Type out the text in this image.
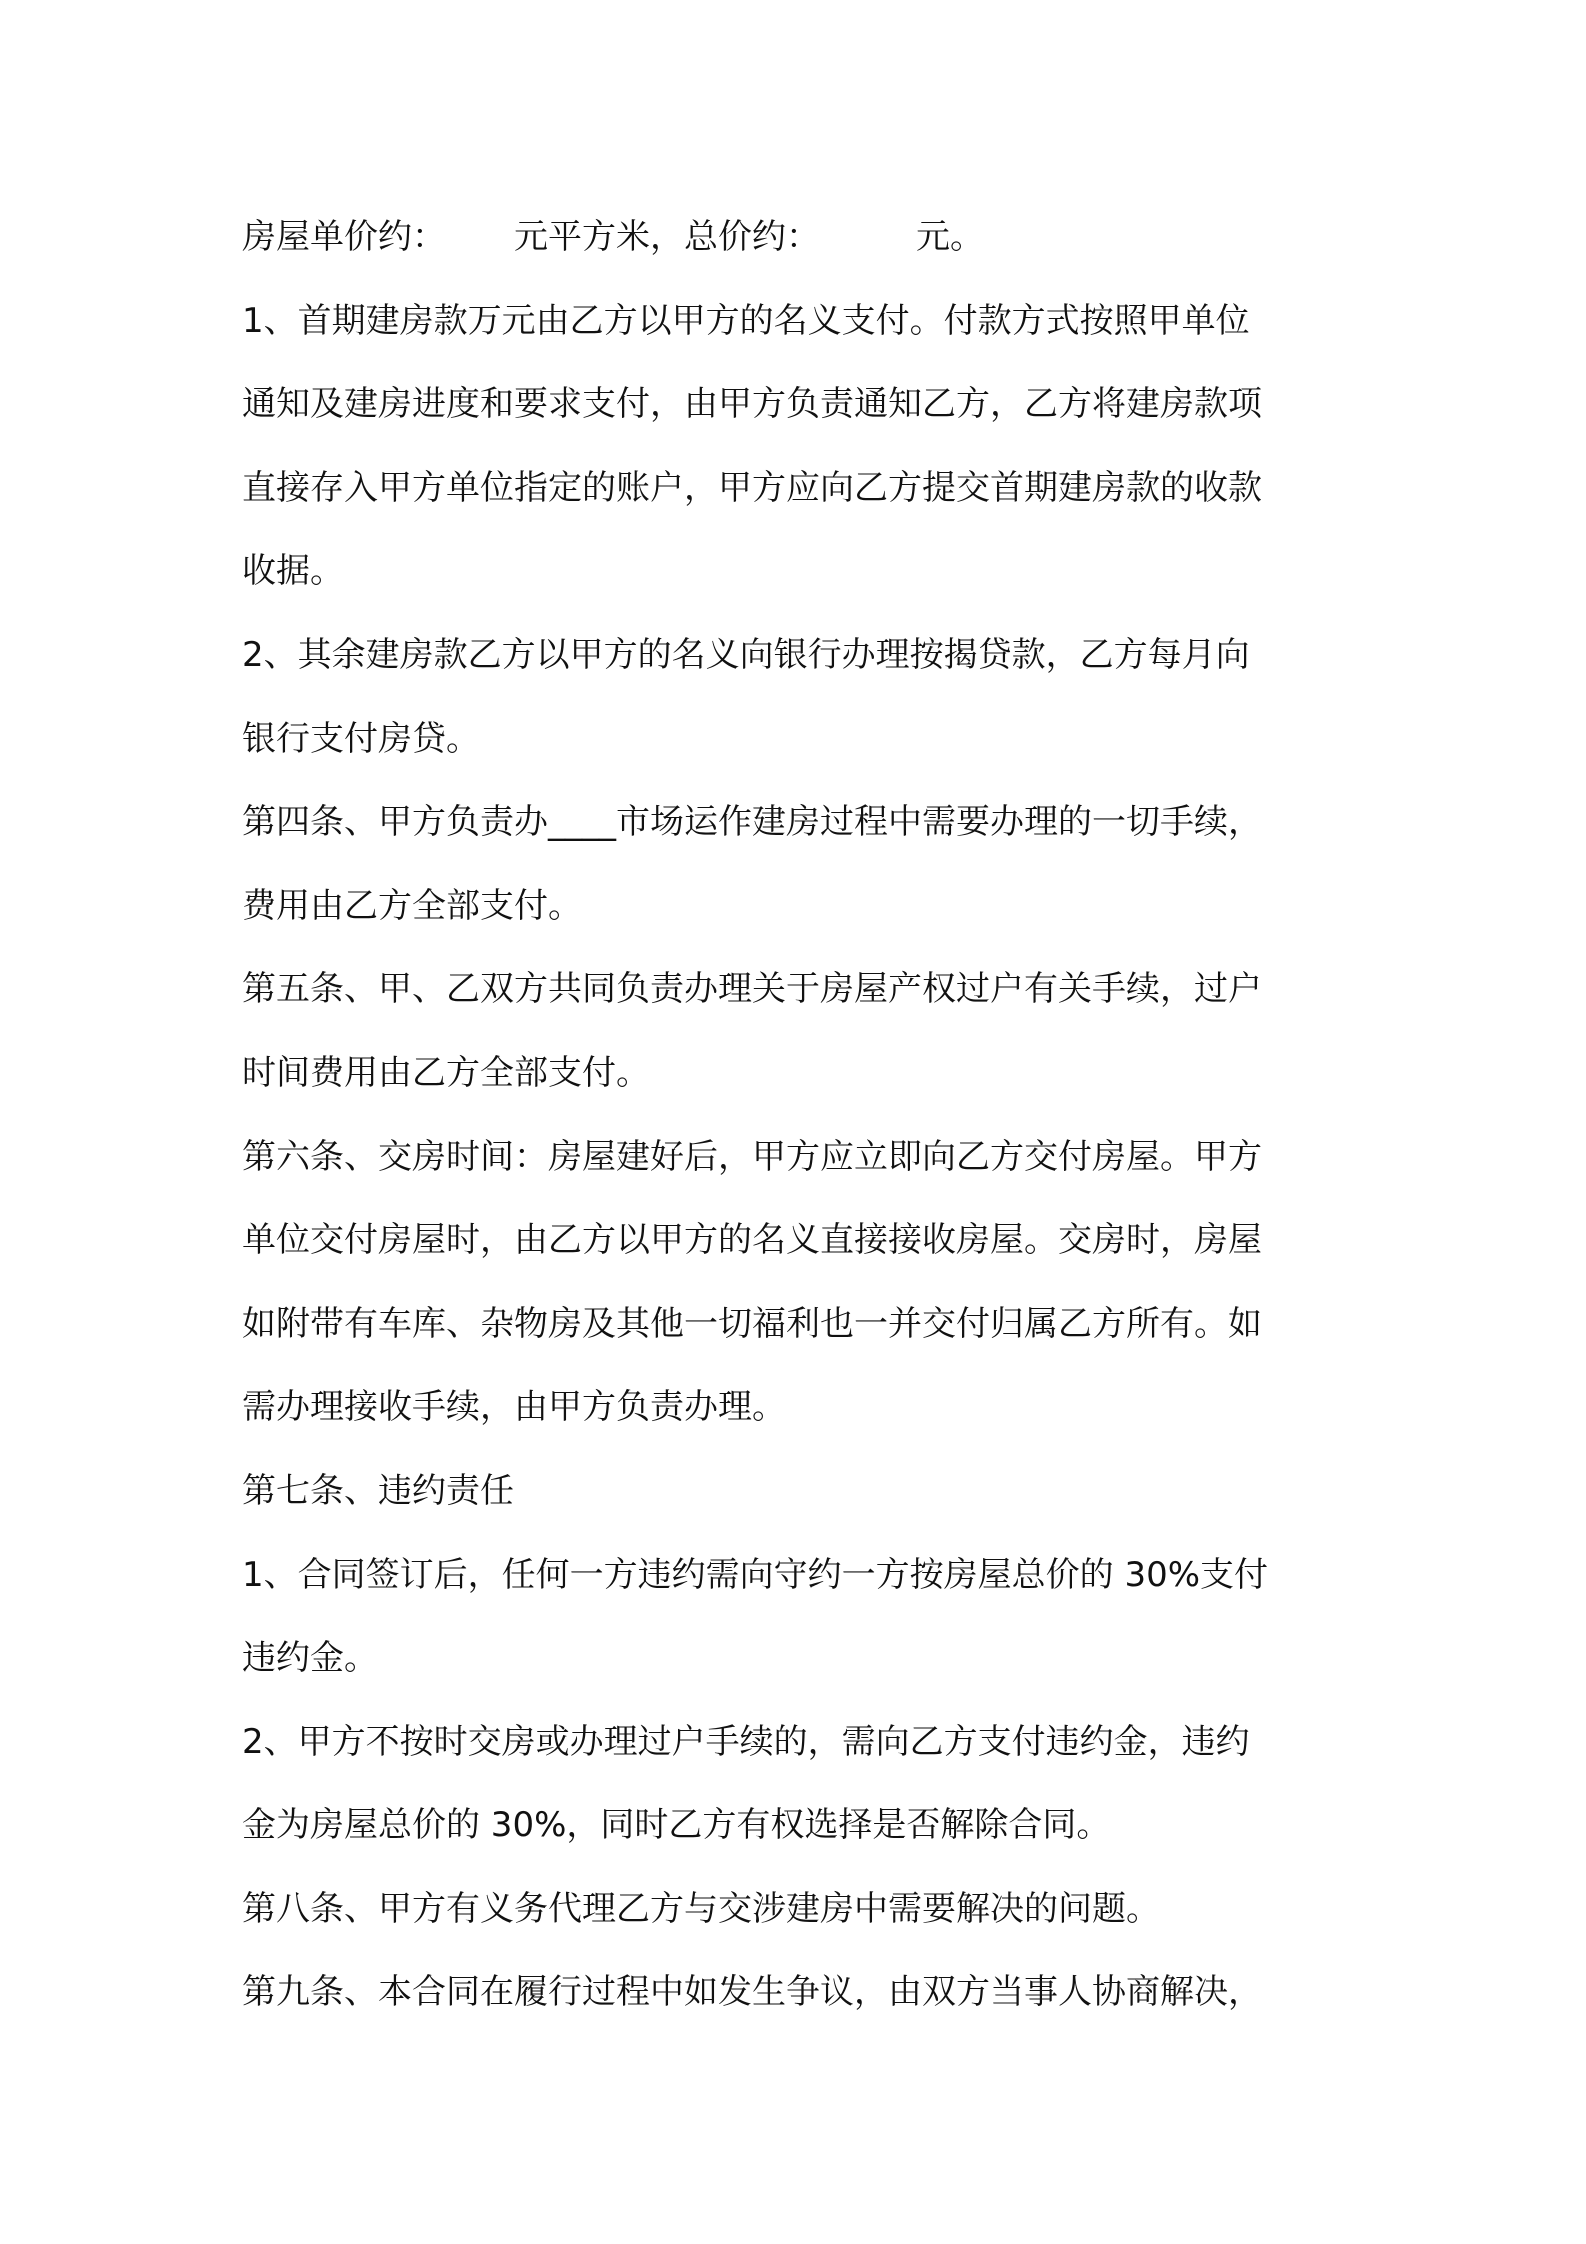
房屋单价约： 元平方米，总价约：	元。
1、首期建房款万元由乙方以甲方的名义支付。付款方式按照甲单位
通知及建房进度和要求支付，由甲方负责通知乙方，乙方将建房款项
直接存入甲方单位指定的账户，甲方应向乙方提交首期建房款的收款
收据。
2、其余建房款乙方以甲方的名义向银行办理按揭贷款，乙方每月向
银行支付房贷。
第四条、甲方负责办____市场运作建房过程中需要办理的一切手续，
费用由乙方全部支付。
第五条、甲、乙双方共同负责办理关于房屋产权过户有关手续，过户
时间费用由乙方全部支付。
第六条、交房时间：房屋建好后，甲方应立即向乙方交付房屋。甲方
单位交付房屋时，由乙方以甲方的名义直接接收房屋。交房时，房屋
如附带有车库、杂物房及其他一切福利也一并交付归属乙方所有。如
需办理接收手续，由甲方负责办理。
第七条、违约责任
1、合同签订后，任何一方违约需向守约一方按房屋总价的 30%支付
违约金。
2、甲方不按时交房或办理过户手续的，需向乙方支付违约金，违约
金为房屋总价的 30%，同时乙方有权选择是否解除合同。
第八条、甲方有义务代理乙方与交涉建房中需要解决的问题。
第九条、本合同在履行过程中如发生争议，由双方当事人协商解决，
